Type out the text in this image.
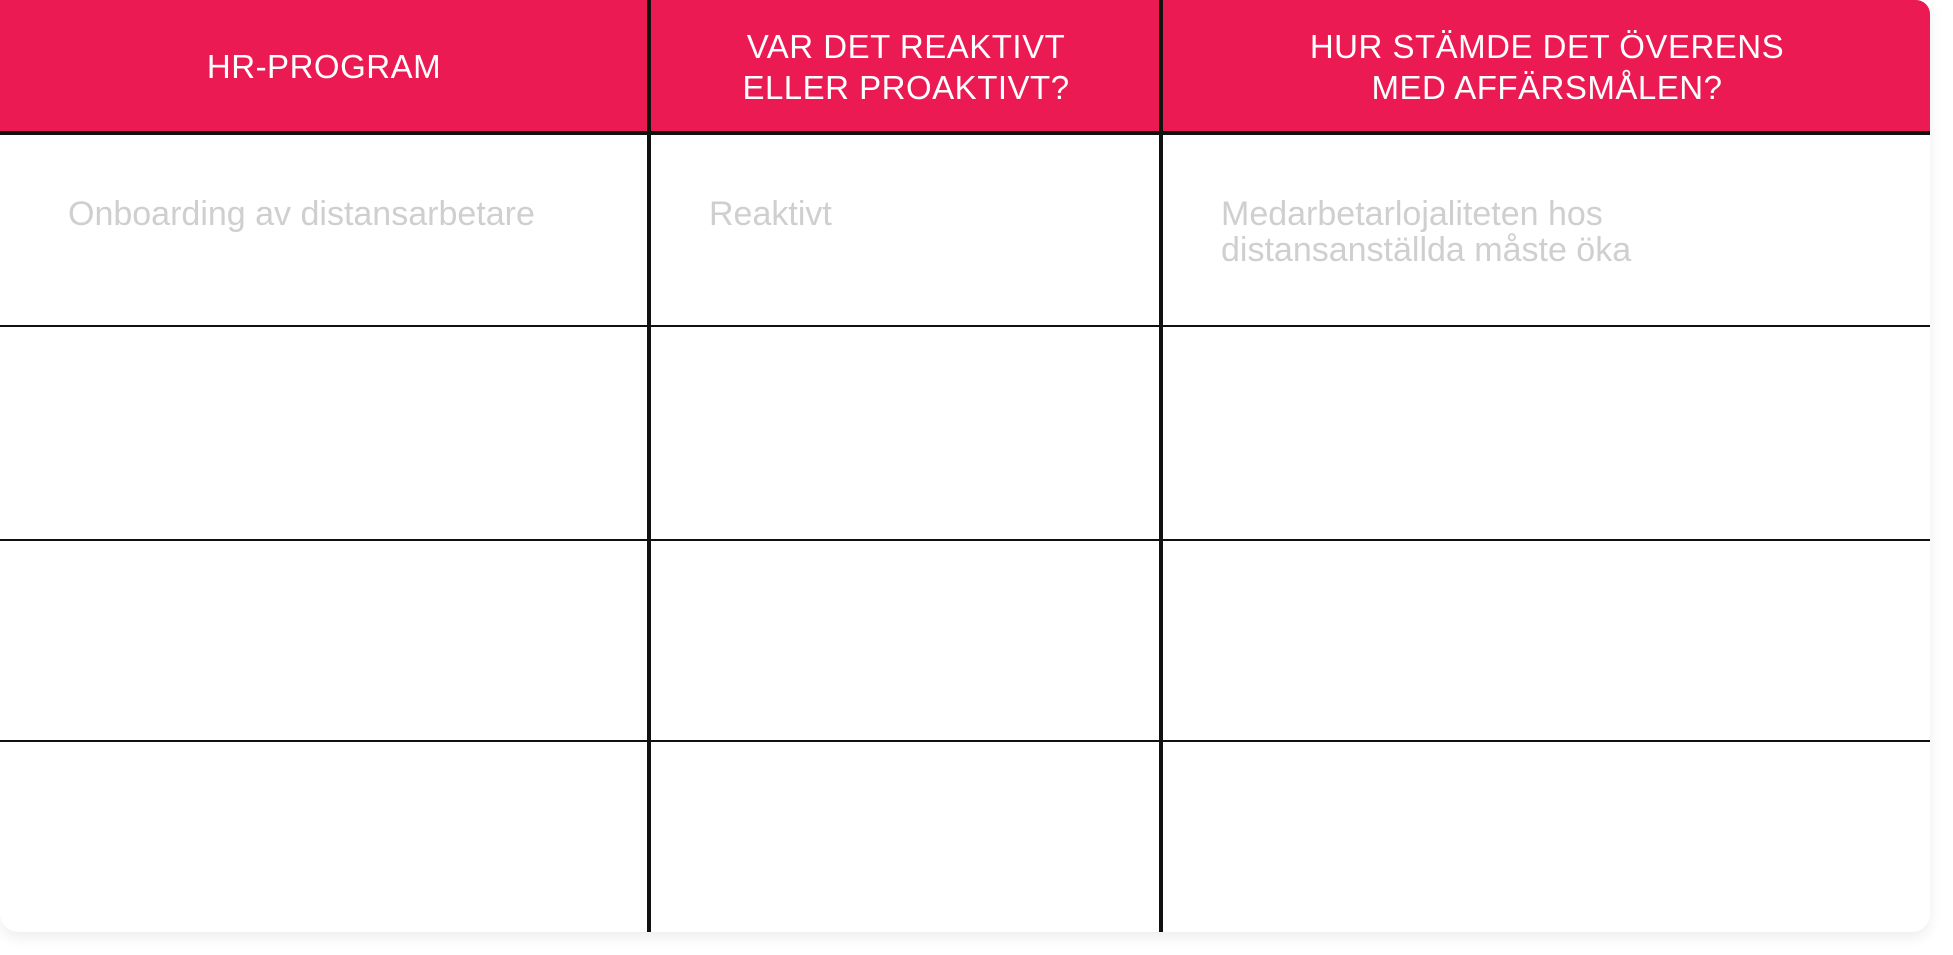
HR-PROGRAM
VAR DET REAKTIVT
ELLER PROAKTIVT?
HUR STÄMDE DET ÖVERENS
MED AFFÄRSMÅLEN?
Onboarding av distansarbetare	Reaktivt	Medarbetarlojaliteten hos
distansanställda måste öka
